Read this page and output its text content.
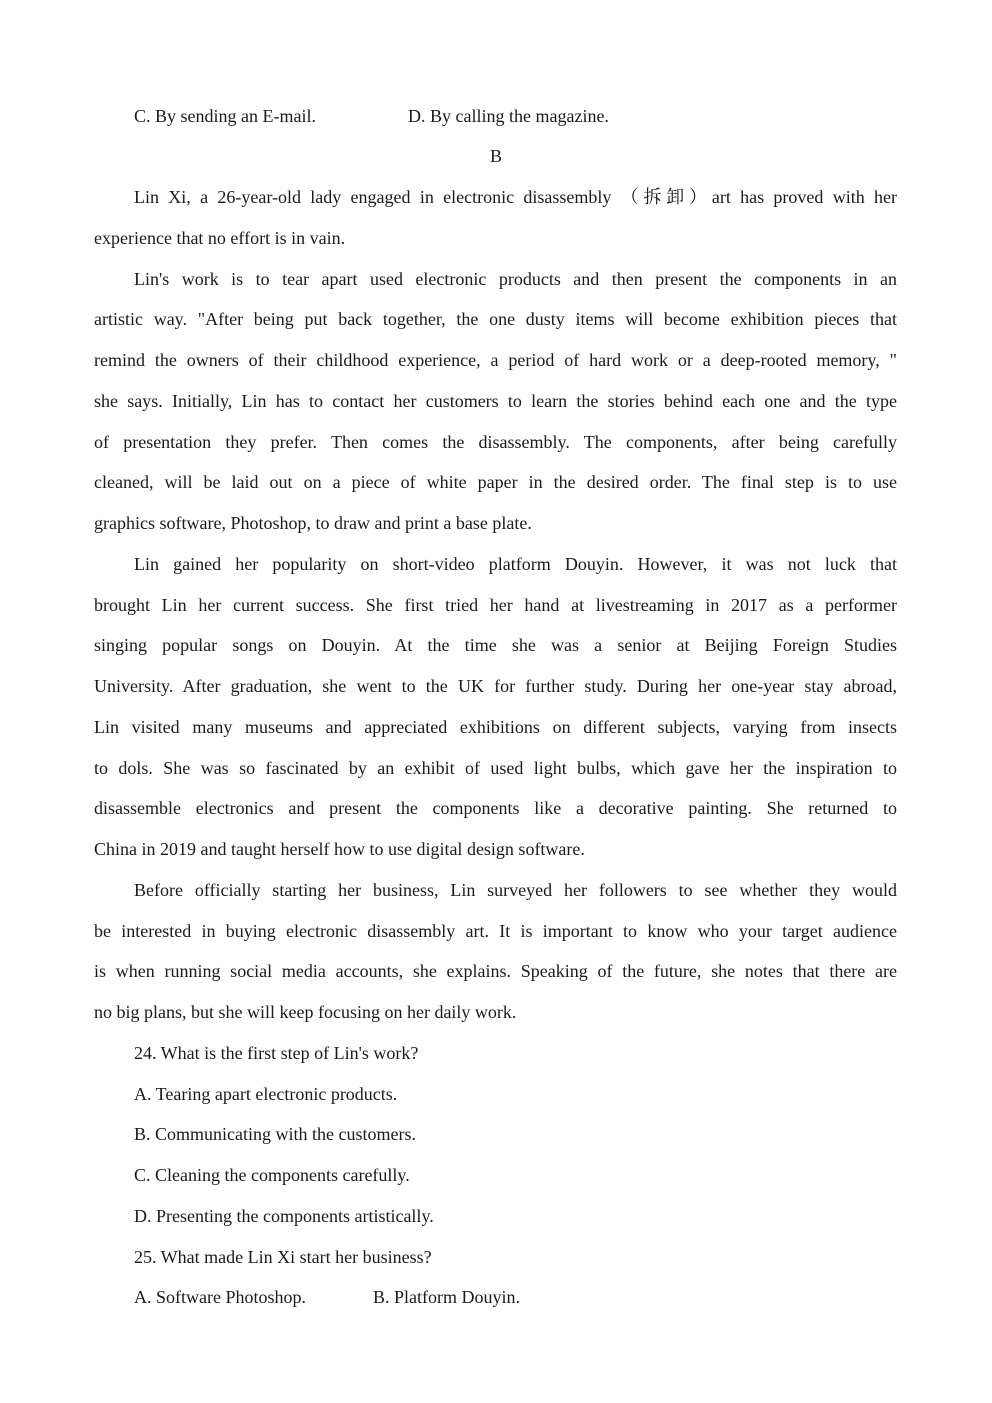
C. By sending an E-mail.	D. By calling the magazine.
B
Lin Xi, a 26-year-old lady engaged in electronic disassembly （拆卸）art has proved with her
experience that no effort is in vain.
Lin's work is to tear apart used electronic products and then present the components in an
artistic way. "After being put back together, the one dusty items will become exhibition pieces that
remind the owners of their childhood experience, a period of hard work or a deep-rooted memory, "
she says. Initially, Lin has to contact her customers to learn the stories behind each one and the type
of presentation they prefer. Then comes the disassembly. The components, after being carefully
cleaned, will be laid out on a piece of white paper in the desired order. The final step is to use
graphics software, Photoshop, to draw and print a base plate.
Lin gained her popularity on short-video platform Douyin. However, it was not luck that
brought Lin her current success. She first tried her hand at livestreaming in 2017 as a performer
singing popular songs on Douyin. At the time she was a senior at Beijing Foreign Studies
University. After graduation, she went to the UK for further study. During her one-year stay abroad,
Lin visited many museums and appreciated exhibitions on different subjects, varying from insects
to dols. She was so fascinated by an exhibit of used light bulbs, which gave her the inspiration to
disassemble electronics and present the components like a decorative painting. She returned to
China in 2019 and taught herself how to use digital design software.
Before officially starting her business, Lin surveyed her followers to see whether they would
be interested in buying electronic disassembly art. It is important to know who your target audience
is when running social media accounts, she explains. Speaking of the future, she notes that there are
no big plans, but she will keep focusing on her daily work.
24. What is the first step of Lin's work?
A. Tearing apart electronic products.
B. Communicating with the customers.
C. Cleaning the components carefully.
D. Presenting the components artistically.
25. What made Lin Xi start her business?
A. Software Photoshop.	B. Platform Douyin.
